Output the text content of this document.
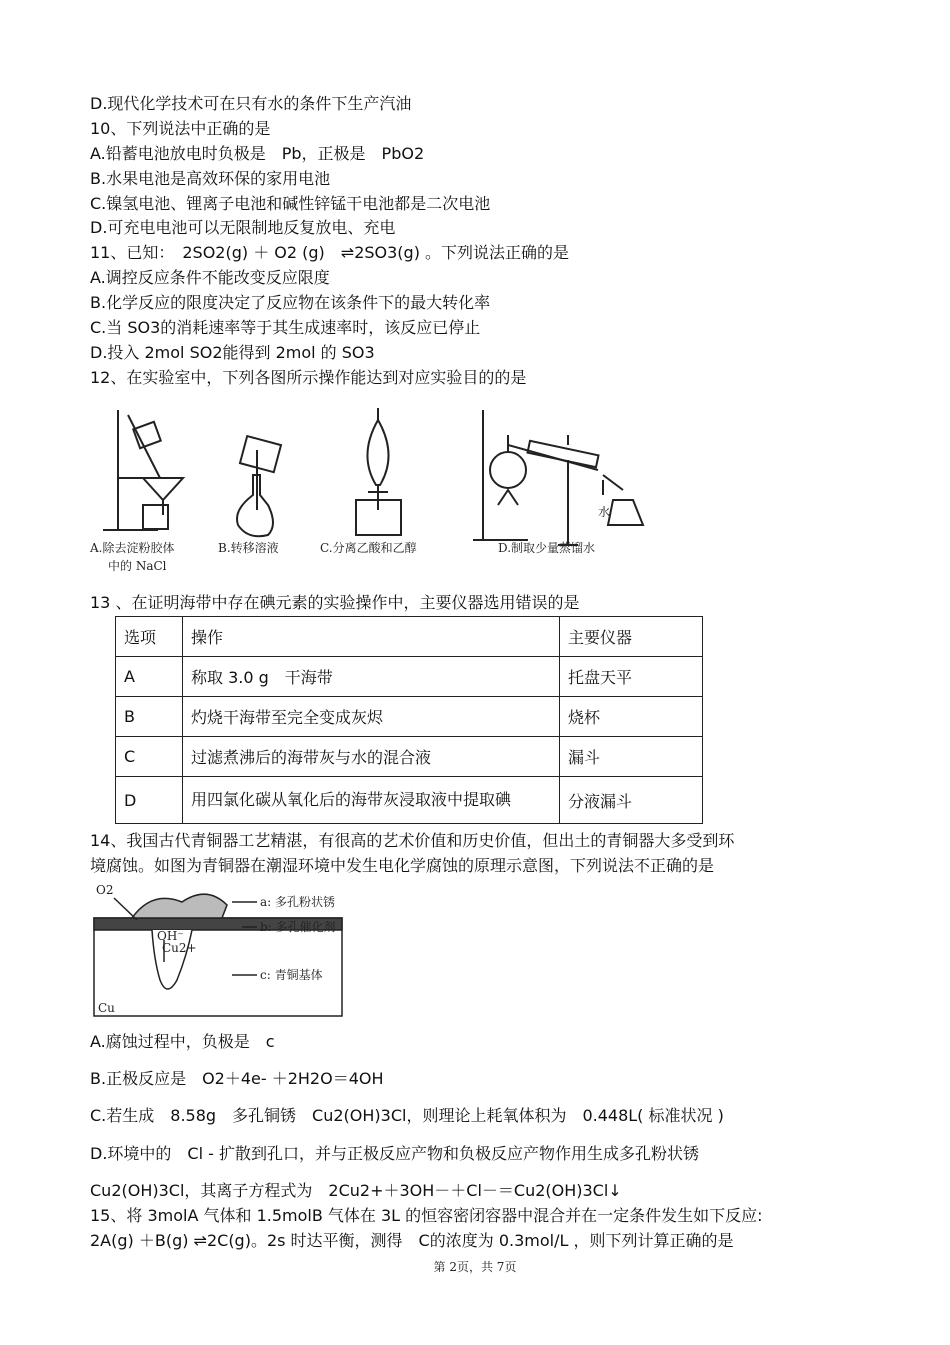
D.现代化学技术可在只有水的条件下生产汽油
10、下列说法中正确的是
A.铅蓄电池放电时负极是　Pb，正极是　PbO2
B.水果电池是高效环保的家用电池
C.镍氢电池、锂离子电池和碱性锌锰干电池都是二次电池
D.可充电电池可以无限制地反复放电、充电
11、已知：　2SO2(g) ＋ O2 (g)　⇌2SO3(g) 。下列说法正确的是
A.调控反应条件不能改变反应限度
B.化学反应的限度决定了反应物在该条件下的最大转化率
C.当 SO3的消耗速率等于其生成速率时，该反应已停止
D.投入 2mol SO2能得到 2mol 的 SO3
12、在实验室中，下列各图所示操作能达到对应实验目的的是
A.除去淀粉胶体
中的 NaCl
B.转移溶液	C.分离乙酸和乙醇	D.制取少量蒸馏水
水
13 、在证明海带中存在碘元素的实验操作中，主要仪器选用错误的是
选项	操作	主要仪器
A	称取 3.0 g　干海带	托盘天平
B	灼烧干海带至完全变成灰烬	烧杯
C	过滤煮沸后的海带灰与水的混合液	漏斗
D	用四氯化碳从氧化后的海带灰浸取液中提取碘	分液漏斗
14、我国古代青铜器工艺精湛，有很高的艺术价值和历史价值，但出土的青铜器大多受到环
境腐蚀。如图为青铜器在潮湿环境中发生电化学腐蚀的原理示意图，下列说法不正确的是
O2
OH⁻
Cu2+
Cu
a: 多孔粉状锈
b: 多孔催化剂
c: 青铜基体
A.腐蚀过程中，负极是　c
B.正极反应是　O2＋4e- ＋2H2O＝4OH
C.若生成　8.58g　多孔铜锈　Cu2(OH)3Cl，则理论上耗氧体积为　0.448L( 标准状况 )
D.环境中的　Cl - 扩散到孔口，并与正极反应产物和负极反应产物作用生成多孔粉状锈
Cu2(OH)3Cl，其离子方程式为　2Cu2+＋3OH－＋Cl－＝Cu2(OH)3Cl↓
15、将 3molA 气体和 1.5molB 气体在 3L 的恒容密闭容器中混合并在一定条件发生如下反应:
2A(g) ＋B(g) ⇌2C(g)。2s 时达平衡，测得　C的浓度为 0.3mol/L ，则下列计算正确的是
第 2页，共 7页
